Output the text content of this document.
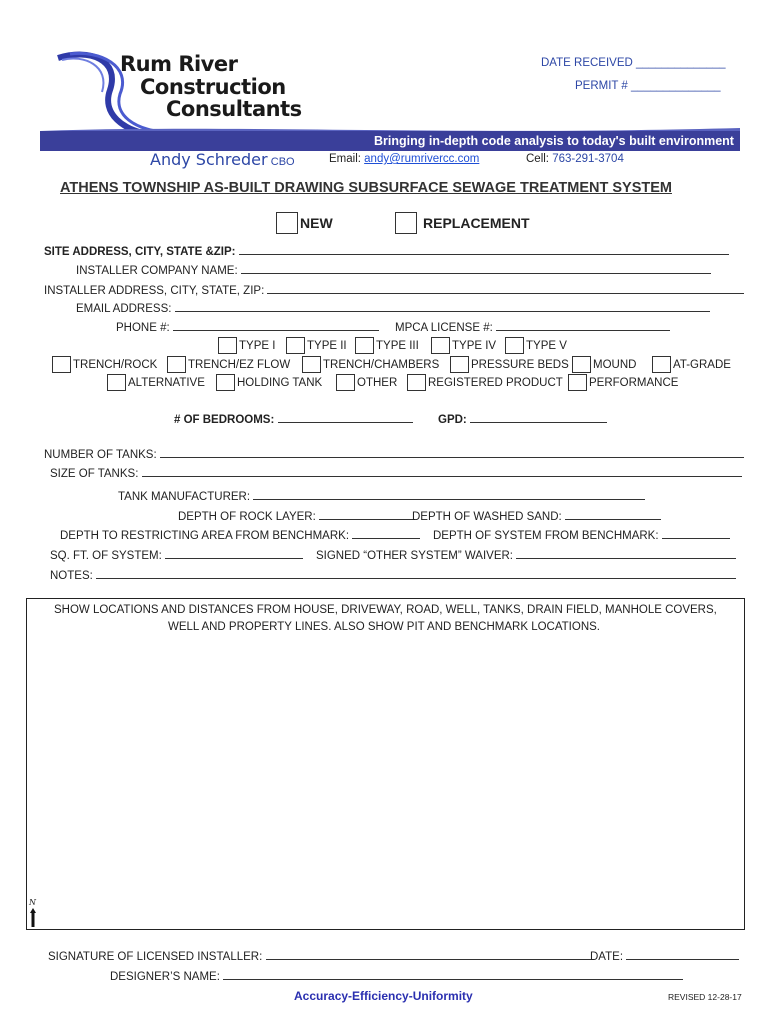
Rum River
Construction
Consultants
Bringing in-depth code analysis to today's built environment
DATE RECEIVED ______________
PERMIT # ______________
Andy Schreder CBO	Email: andy@rumrivercc.com	Cell: 763-291-3704
ATHENS TOWNSHIP AS-BUILT DRAWING SUBSURFACE SEWAGE TREATMENT SYSTEM
NEW	REPLACEMENT
SITE ADDRESS, CITY, STATE &ZIP:
INSTALLER COMPANY NAME:
INSTALLER ADDRESS, CITY, STATE, ZIP:
EMAIL ADDRESS:
PHONE #:	MPCA LICENSE #:
TYPE I	TYPE II	TYPE III	TYPE IV	TYPE V
TRENCH/ROCK	TRENCH/EZ FLOW	TRENCH/CHAMBERS	PRESSURE BEDS MOUND	AT-GRADE
ALTERNATIVE	HOLDING TANK	OTHER	REGISTERED PRODUCT PERFORMANCE
# OF BEDROOMS:	GPD:
NUMBER OF TANKS:
SIZE OF TANKS:
TANK MANUFACTURER:
DEPTH OF ROCK LAYER:	DEPTH OF WASHED SAND:
DEPTH TO RESTRICTING AREA FROM BENCHMARK:	DEPTH OF SYSTEM FROM BENCHMARK:
SQ. FT. OF SYSTEM:	SIGNED “OTHER SYSTEM” WAIVER:
NOTES:
SHOW LOCATIONS AND DISTANCES FROM HOUSE, DRIVEWAY, ROAD, WELL, TANKS, DRAIN FIELD, MANHOLE COVERS,
WELL AND PROPERTY LINES. ALSO SHOW PIT AND BENCHMARK LOCATIONS.
N
SIGNATURE OF LICENSED INSTALLER:	DATE:
DESIGNER’S NAME:
Accuracy-Efficiency-Uniformity	REVISED 12-28-17
